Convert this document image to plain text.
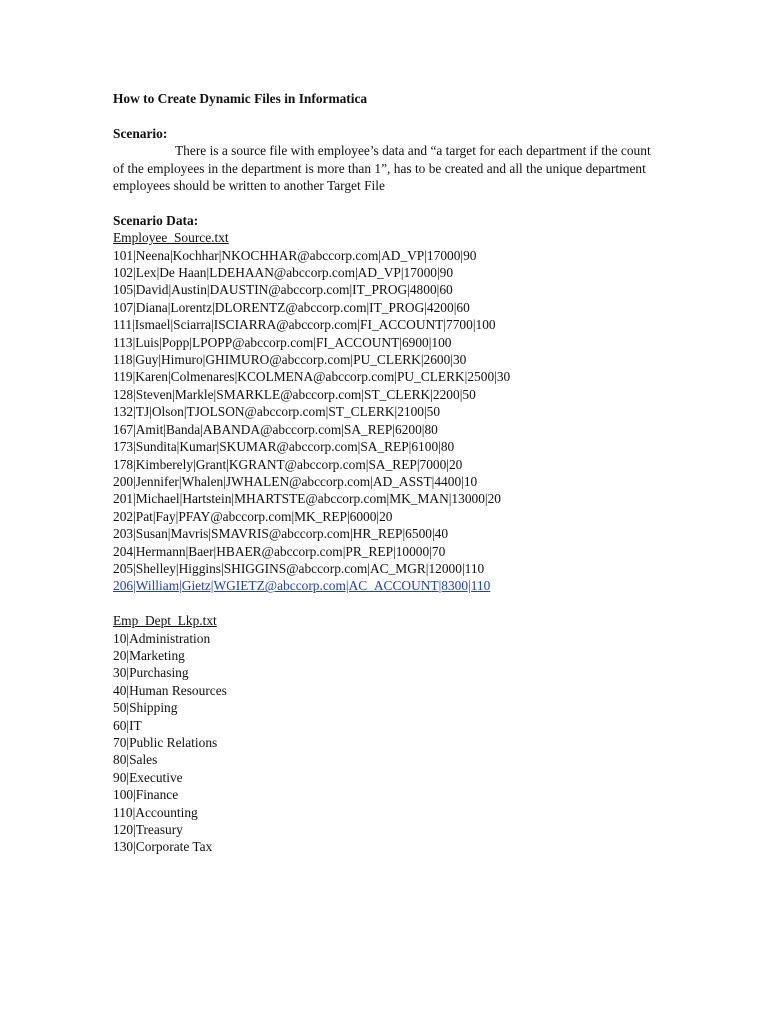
How to Create Dynamic Files in Informatica

Scenario:

There is a source file with employee’s data and “a target for each department if the count of the employees in the department is more than 1”, has to be created and all the unique department employees should be written to another Target File

Scenario Data:

Employee_Source.txt
101|Neena|Kochhar|NKOCHHAR@abccorp.com|AD_VP|17000|90
102|Lex|De Haan|LDEHAAN@abccorp.com|AD_VP|17000|90
105|David|Austin|DAUSTIN@abccorp.com|IT_PROG|4800|60
107|Diana|Lorentz|DLORENTZ@abccorp.com|IT_PROG|4200|60
111|Ismael|Sciarra|ISCIARRA@abccorp.com|FI_ACCOUNT|7700|100
113|Luis|Popp|LPOPP@abccorp.com|FI_ACCOUNT|6900|100
118|Guy|Himuro|GHIMURO@abccorp.com|PU_CLERK|2600|30
119|Karen|Colmenares|KCOLMENA@abccorp.com|PU_CLERK|2500|30
128|Steven|Markle|SMARKLE@abccorp.com|ST_CLERK|2200|50
132|TJ|Olson|TJOLSON@abccorp.com|ST_CLERK|2100|50
167|Amit|Banda|ABANDA@abccorp.com|SA_REP|6200|80
173|Sundita|Kumar|SKUMAR@abccorp.com|SA_REP|6100|80
178|Kimberely|Grant|KGRANT@abccorp.com|SA_REP|7000|20
200|Jennifer|Whalen|JWHALEN@abccorp.com|AD_ASST|4400|10
201|Michael|Hartstein|MHARTSTE@abccorp.com|MK_MAN|13000|20
202|Pat|Fay|PFAY@abccorp.com|MK_REP|6000|20
203|Susan|Mavris|SMAVRIS@abccorp.com|HR_REP|6500|40
204|Hermann|Baer|HBAER@abccorp.com|PR_REP|10000|70
205|Shelley|Higgins|SHIGGINS@abccorp.com|AC_MGR|12000|110
206|William|Gietz|WGIETZ@abccorp.com|AC_ACCOUNT|8300|110
Emp_Dept_Lkp.txt
10|Administration
20|Marketing
30|Purchasing
40|Human Resources
50|Shipping
60|IT
70|Public Relations
80|Sales
90|Executive
100|Finance
110|Accounting
120|Treasury
130|Corporate Tax
